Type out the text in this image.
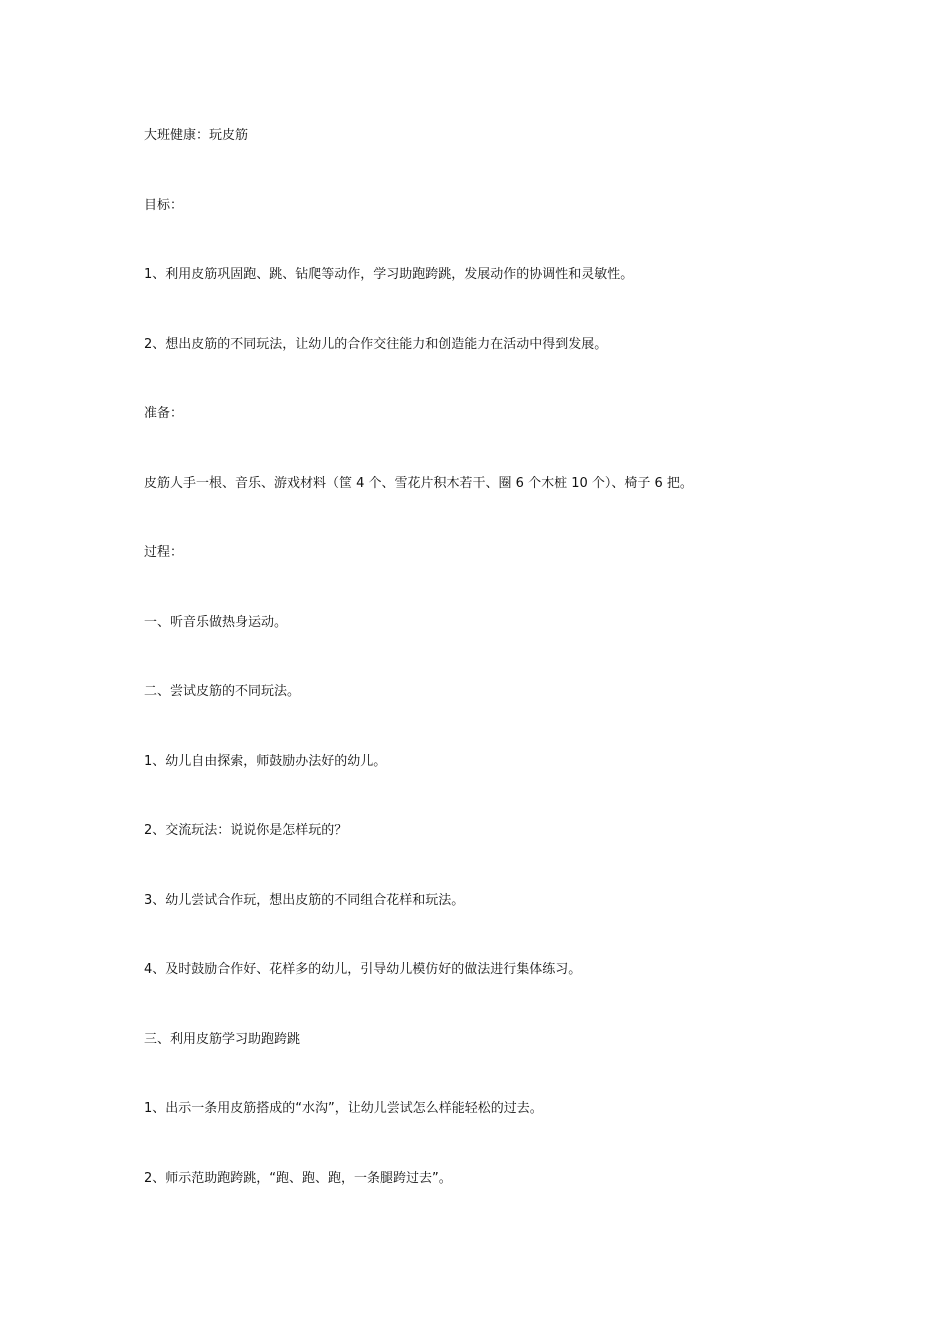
大班健康：玩皮筋
目标：
1、利用皮筋巩固跑、跳、钻爬等动作，学习助跑跨跳，发展动作的协调性和灵敏性。
2、想出皮筋的不同玩法，让幼儿的合作交往能力和创造能力在活动中得到发展。
准备：
皮筋人手一根、音乐、游戏材料（筐 4 个、雪花片积木若干、圈 6 个木桩 10 个）、椅子 6 把。
过程：
一、听音乐做热身运动。
二、尝试皮筋的不同玩法。
1、幼儿自由探索，师鼓励办法好的幼儿。
2、交流玩法：说说你是怎样玩的？
3、幼儿尝试合作玩，想出皮筋的不同组合花样和玩法。
4、及时鼓励合作好、花样多的幼儿，引导幼儿模仿好的做法进行集体练习。
三、利用皮筋学习助跑跨跳
1、出示一条用皮筋搭成的“水沟”，让幼儿尝试怎么样能轻松的过去。
2、师示范助跑跨跳，“跑、跑、跑，一条腿跨过去”。
